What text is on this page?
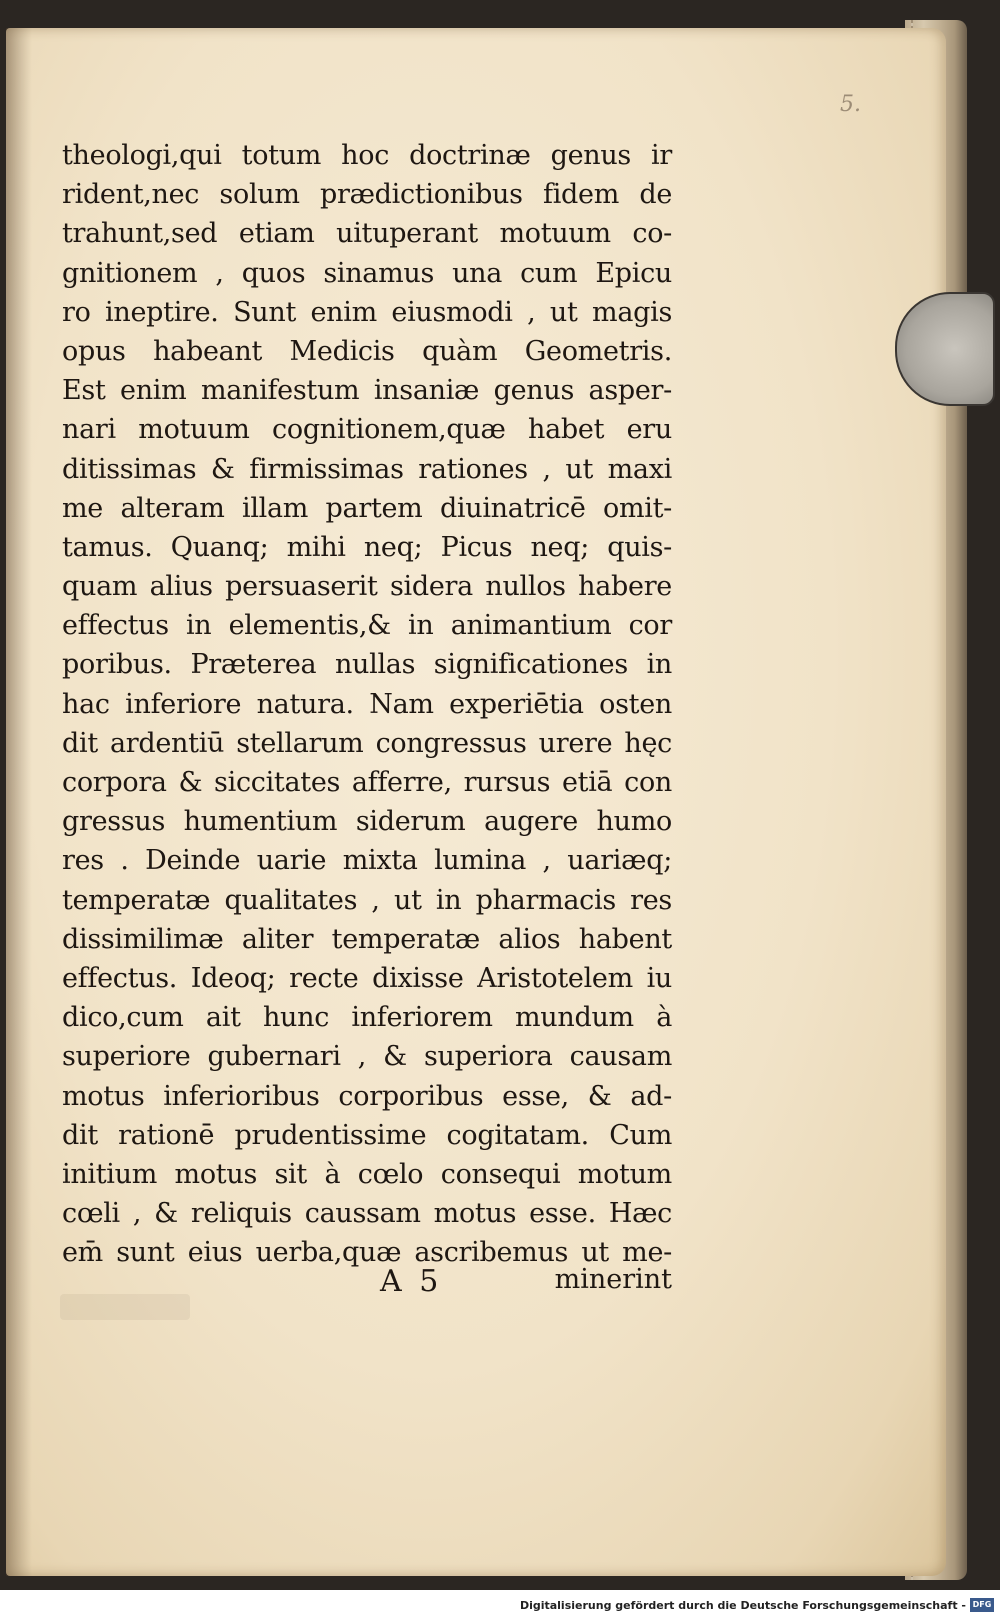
5.
theologi,qui totum hoc doctrinæ genus ir
rident,nec solum prædictionibus fidem de
trahunt,sed etiam uituperant motuum co-
gnitionem , quos sinamus una cum Epicu
ro ineptire. Sunt enim eiusmodi , ut magis
opus habeant Medicis quàm Geometris.
Est enim manifestum insaniæ genus asper-
nari motuum cognitionem,quæ habet eru
ditissimas & firmissimas rationes , ut maxi
me alteram illam partem diuinatricē omit-
tamus. Quanq; mihi neq; Picus neq; quis-
quam alius persuaserit sidera nullos habere
effectus in elementis,& in animantium cor
poribus. Præterea nullas significationes in
hac inferiore natura. Nam experiētia osten
dit ardentiū stellarum congressus urere hęc
corpora & siccitates afferre, rursus etiā con
gressus humentium siderum augere humo
res . Deinde uarie mixta lumina , uariæq;
temperatæ qualitates , ut in pharmacis res
dissimilimæ aliter temperatæ alios habent
effectus. Ideoq; recte dixisse Aristotelem iu
dico,cum ait hunc inferiorem mundum à
superiore gubernari , & superiora causam
motus inferioribus corporibus esse, & ad-
dit rationē prudentissime cogitatam. Cum
initium motus sit à cœlo consequi motum
cœli , & reliquis caussam motus esse. Hæc
em̄ sunt eius uerba,quæ ascribemus ut me-
A 5	minerint
Digitalisierung gefördert durch die Deutsche Forschungsgemeinschaft - DFG
